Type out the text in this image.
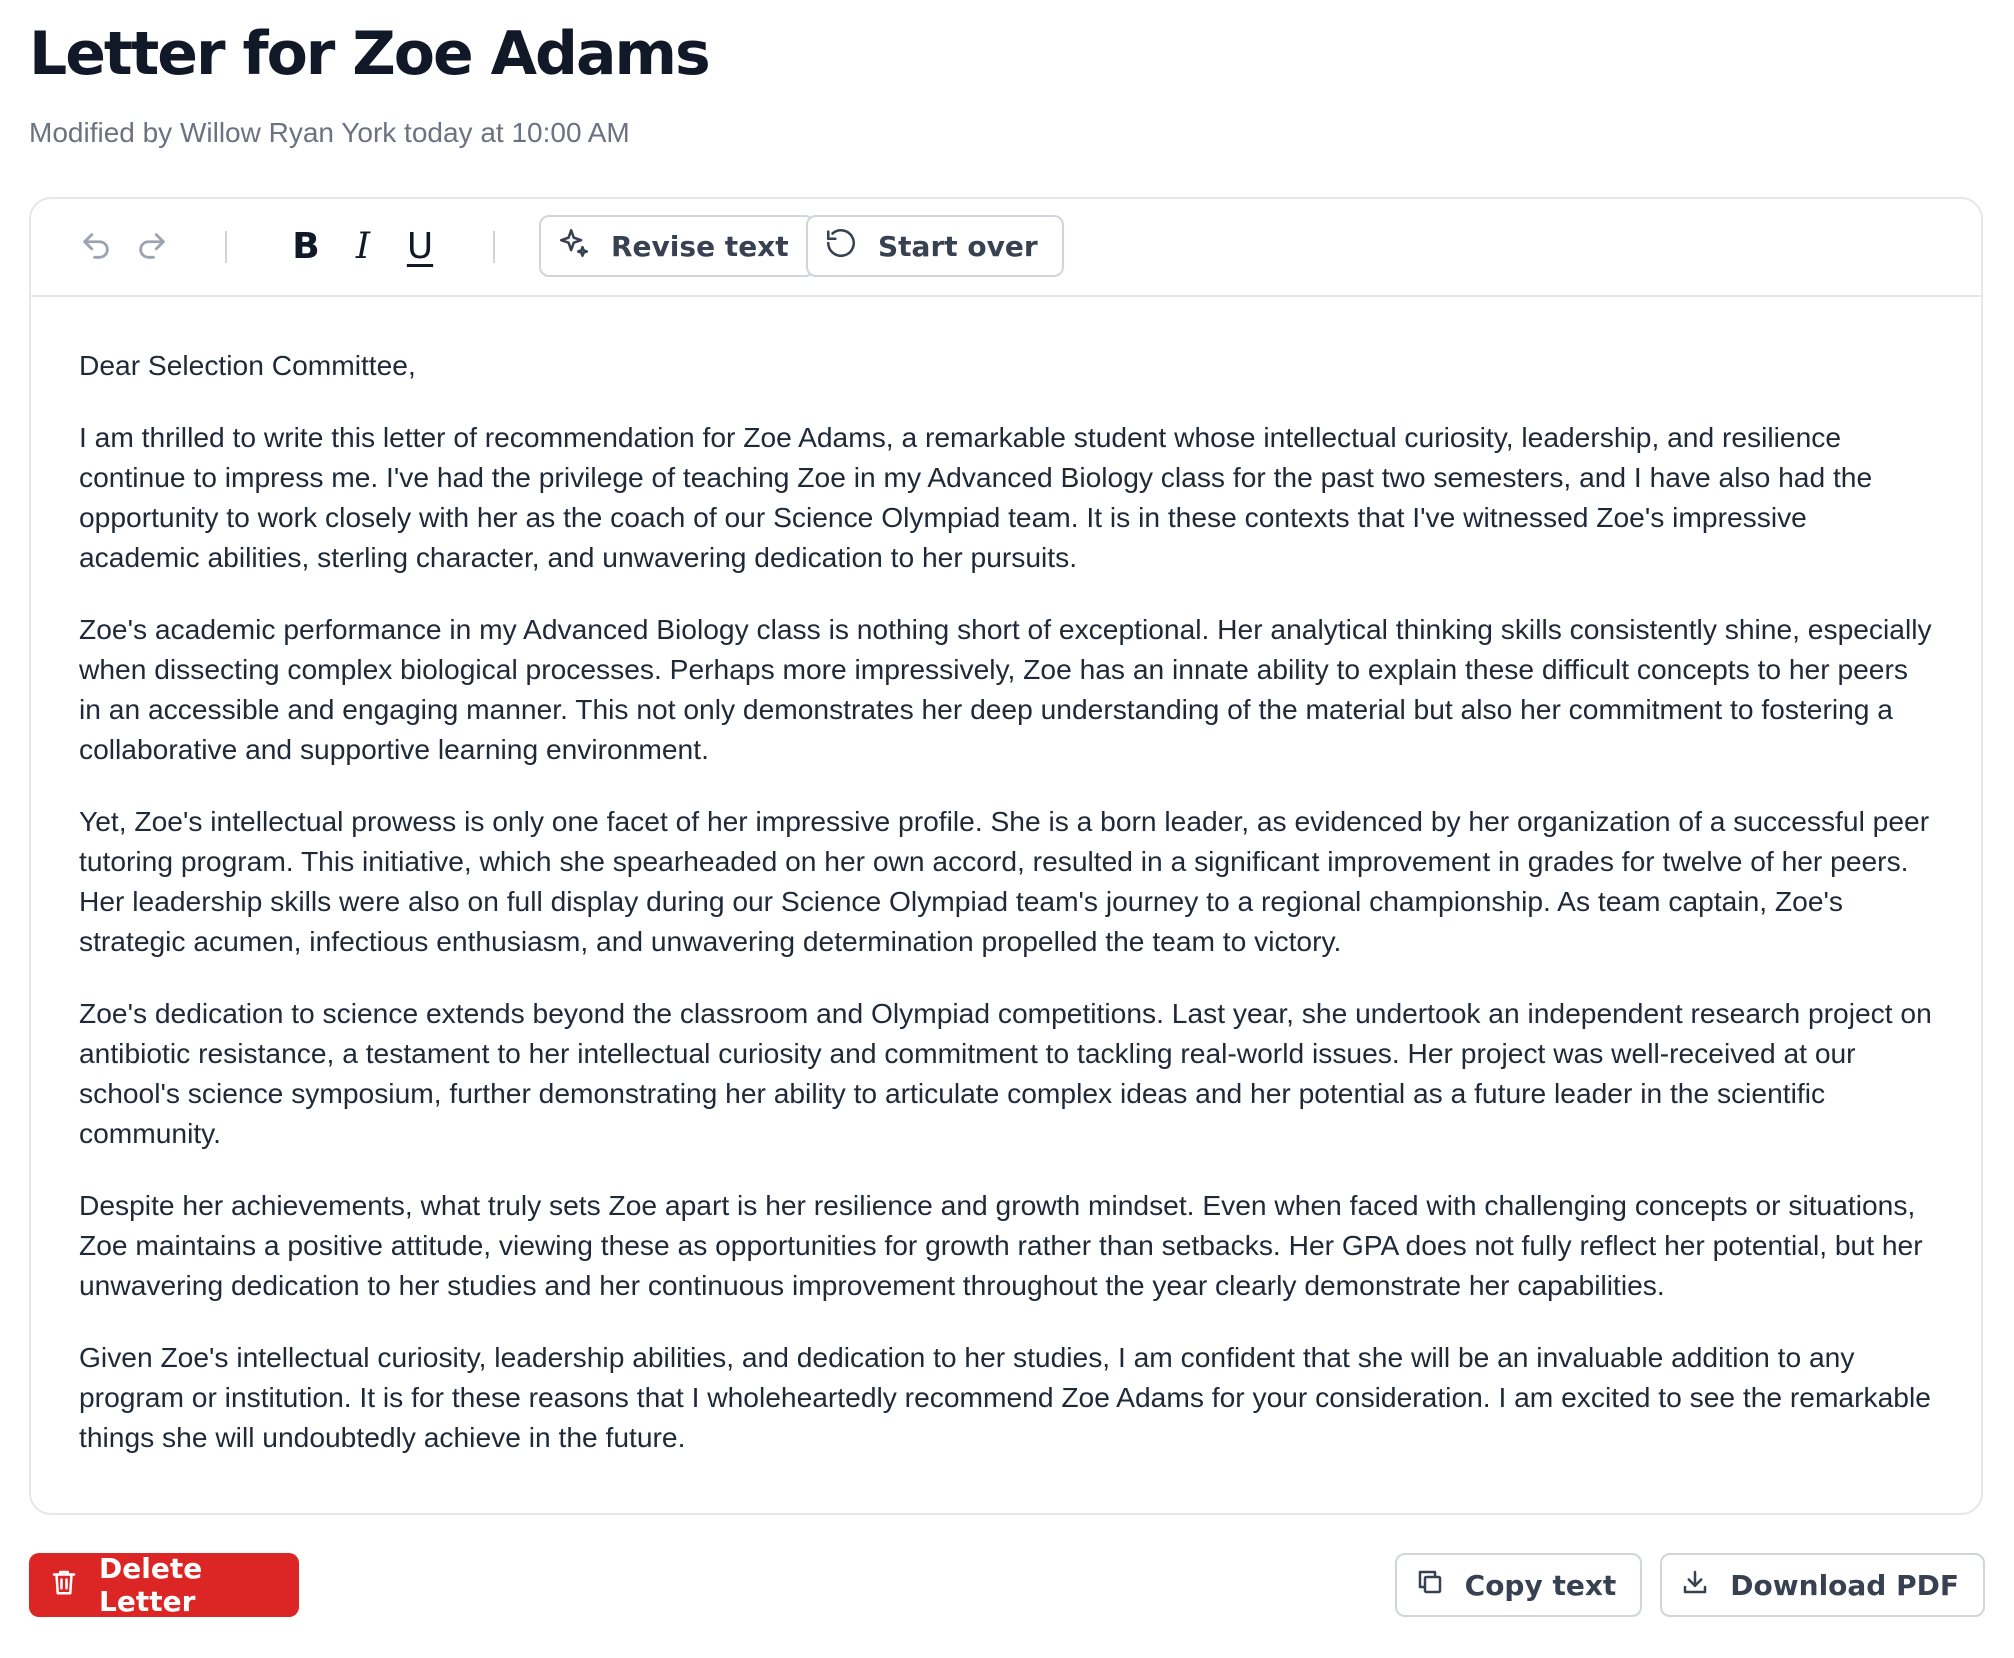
Letter for Zoe Adams
Modified by Willow Ryan York today at 10:00 AM
B	I	U	Revise text	Start over

Dear Selection Committee,

I am thrilled to write this letter of recommendation for Zoe Adams, a remarkable student whose intellectual curiosity, leadership, and resilience continue to impress me. I've had the privilege of teaching Zoe in my Advanced Biology class for the past two semesters, and I have also had the opportunity to work closely with her as the coach of our Science Olympiad team. It is in these contexts that I've witnessed Zoe's impressive academic abilities, sterling character, and unwavering dedication to her pursuits.

Zoe's academic performance in my Advanced Biology class is nothing short of exceptional. Her analytical thinking skills consistently shine, especially when dissecting complex biological processes. Perhaps more impressively, Zoe has an innate ability to explain these difficult concepts to her peers in an accessible and engaging manner. This not only demonstrates her deep understanding of the material but also her commitment to fostering a collaborative and supportive learning environment.

Yet, Zoe's intellectual prowess is only one facet of her impressive profile. She is a born leader, as evidenced by her organization of a successful peer tutoring program. This initiative, which she spearheaded on her own accord, resulted in a significant improvement in grades for twelve of her peers. Her leadership skills were also on full display during our Science Olympiad team's journey to a regional championship. As team captain, Zoe's strategic acumen, infectious enthusiasm, and unwavering determination propelled the team to victory.

Zoe's dedication to science extends beyond the classroom and Olympiad competitions. Last year, she undertook an independent research project on antibiotic resistance, a testament to her intellectual curiosity and commitment to tackling real-world issues. Her project was well-received at our school's science symposium, further demonstrating her ability to articulate complex ideas and her potential as a future leader in the scientific community.

Despite her achievements, what truly sets Zoe apart is her resilience and growth mindset. Even when faced with challenging concepts or situations, Zoe maintains a positive attitude, viewing these as opportunities for growth rather than setbacks. Her GPA does not fully reflect her potential, but her unwavering dedication to her studies and her continuous improvement throughout the year clearly demonstrate her capabilities.

Given Zoe's intellectual curiosity, leadership abilities, and dedication to her studies, I am confident that she will be an invaluable addition to any program or institution. It is for these reasons that I wholeheartedly recommend Zoe Adams for your consideration. I am excited to see the remarkable things she will undoubtedly achieve in the future.

Delete Letter	Copy text	Download PDF
